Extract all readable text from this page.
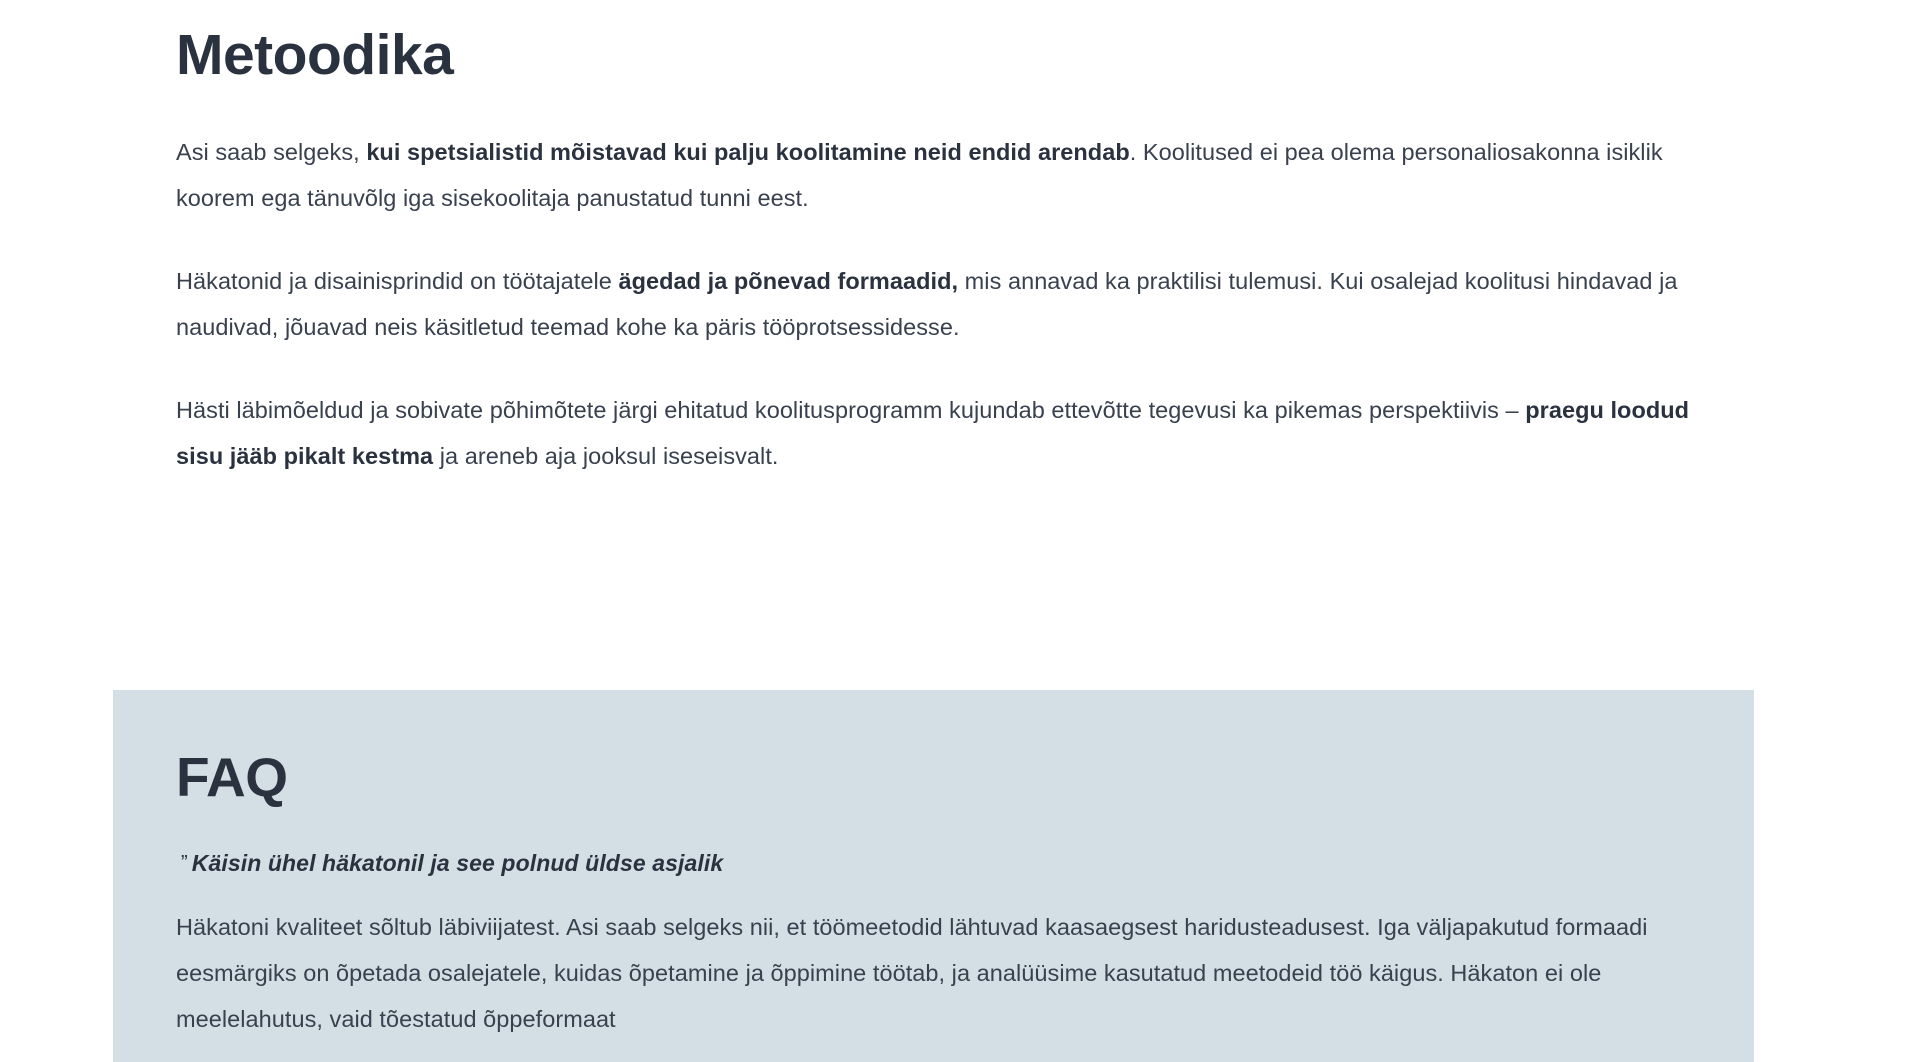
Metoodika

Asi saab selgeks, kui spetsialistid mõistavad kui palju koolitamine neid endid arendab. Koolitused ei pea olema personaliosakonna isiklik koorem ega tänuvõlg iga sisekoolitaja panustatud tunni eest.

Häkatonid ja disainisprindid on töötajatele ägedad ja põnevad formaadid, mis annavad ka praktilisi tulemusi. Kui osalejad koolitusi hindavad ja naudivad, jõuavad neis käsitletud teemad kohe ka päris tööprotsessidesse.

Hästi läbimõeldud ja sobivate põhimõtete järgi ehitatud koolitusprogramm kujundab ettevõtte tegevusi ka pikemas perspektiivis – praegu loodud sisu jääb pikalt kestma ja areneb aja jooksul iseseisvalt.

FAQ

” Käisin ühel häkatonil ja see polnud üldse asjalik

Häkatoni kvaliteet sõltub läbiviijatest. Asi saab selgeks nii, et töömeetodid lähtuvad kaasaegsest haridusteadusest. Iga väljapakutud formaadi eesmärgiks on õpetada osalejatele, kuidas õpetamine ja õppimine töötab, ja analüüsime kasutatud meetodeid töö käigus. Häkaton ei ole meelelahutus, vaid tõestatud õppeformaat
